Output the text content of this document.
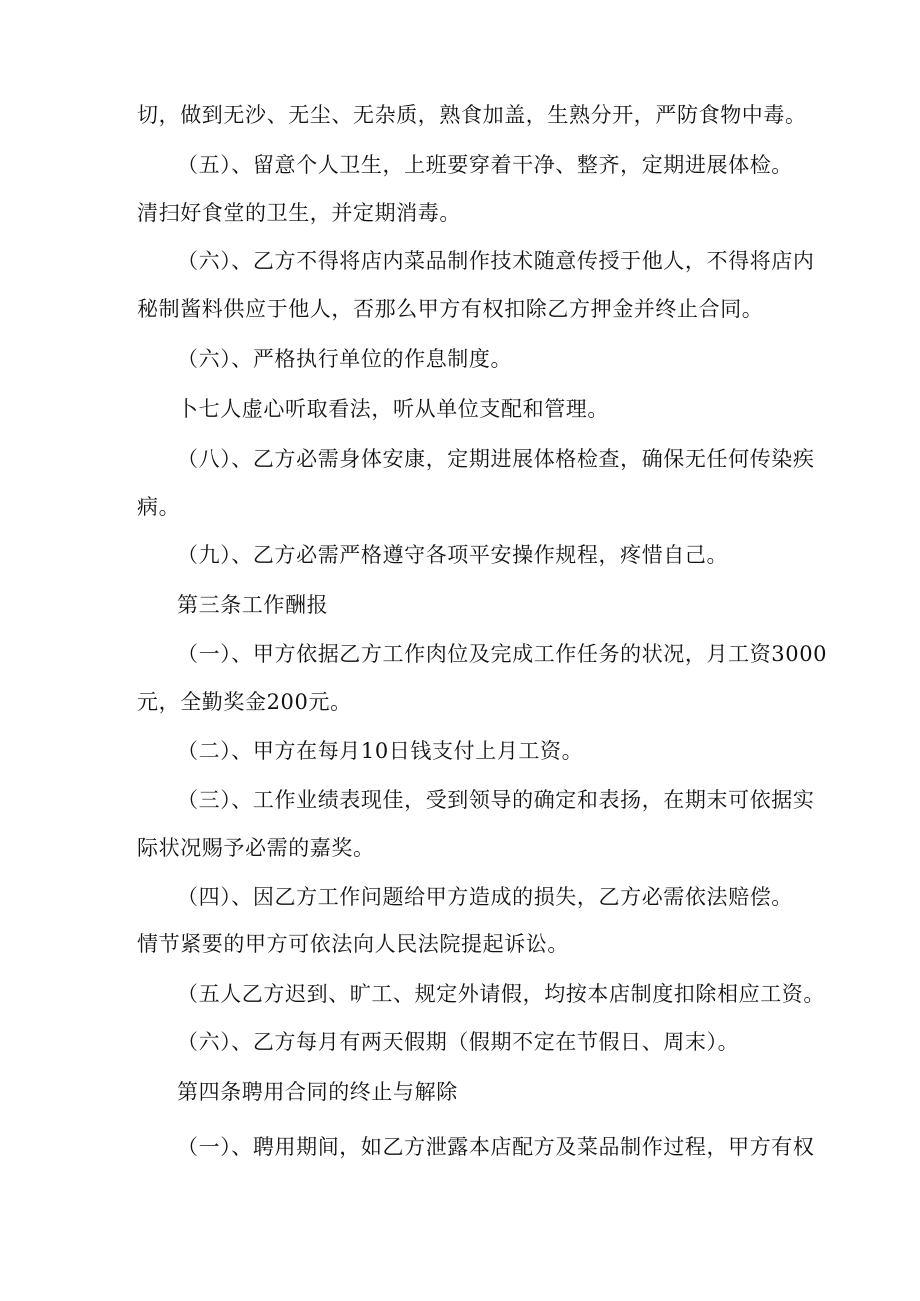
切，做到无沙、无尘、无杂质，熟食加盖，生熟分开，严防食物中毒。
（五）、留意个人卫生，上班要穿着干净、整齐，定期进展体检。
清扫好食堂的卫生，并定期消毒。
（六）、乙方不得将店内菜品制作技术随意传授于他人，不得将店内
秘制酱料供应于他人，否那么甲方有权扣除乙方押金并终止合同。
（六）、严格执行单位的作息制度。
卜七人虚心听取看法，听从单位支配和管理。
（八）、乙方必需身体安康，定期进展体格检查，确保无任何传染疾
病。
（九）、乙方必需严格遵守各项平安操作规程，疼惜自己。
第三条工作酬报
（一）、甲方依据乙方工作肉位及完成工作任务的状况，月工资3000
元，全勤奖金200元。
（二）、甲方在每月10日钱支付上月工资。
（三）、工作业绩表现佳，受到领导的确定和表扬，在期末可依据实
际状况赐予必需的嘉奖。
（四）、因乙方工作问题给甲方造成的损失，乙方必需依法赔偿。
情节紧要的甲方可依法向人民法院提起诉讼。
（五人乙方迟到、旷工、规定外请假，均按本店制度扣除相应工资。
（六）、乙方每月有两天假期（假期不定在节假日、周末）。
第四条聘用合同的终止与解除
（一）、聘用期间，如乙方泄露本店配方及菜品制作过程，甲方有权
